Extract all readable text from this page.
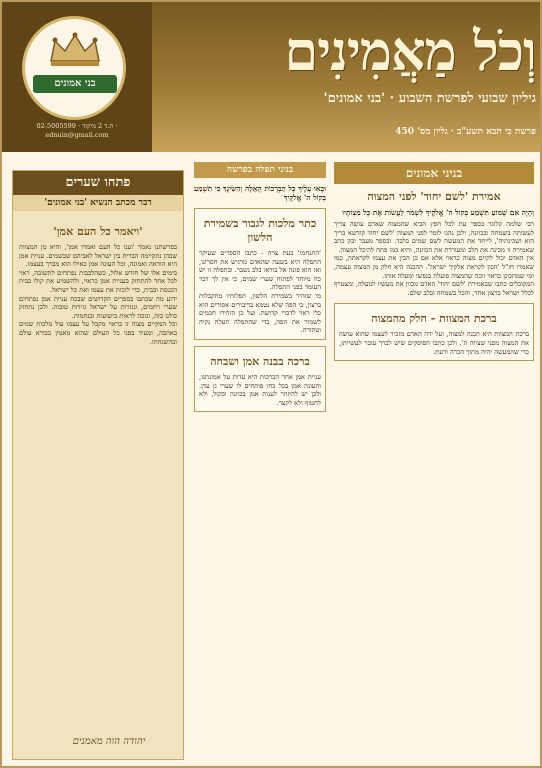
בני אמונים
ת.ד 2 מיקוד · 02-5005599 · ednuin@gmail.com
וְכֹל מַאֲמִינִים
גיליון שבועי לפרשת השבוע · 'בני אמונים'
פרשת כי תבא תשע"ב · גליון מס' 450
בניני אמונים
אמירת 'לשם יחוד' לפני המצוה
וְהָיָה אִם שָׁמוֹעַ תִּשְׁמַע בְּקוֹל ה' אֱלֹקֶיךָ לִשְׁמֹר לַעֲשׂוֹת אֶת כָּל מִצְוֹתָיו

רבי שלמה קלוגר בספר עת לכל חפץ הביא שהמצוה שאדם עושה צריך לעשותה בשמחה ובכוונה, ולכן נהגו לומר לפני המצוה 'לשם יחוד קודשא בריך הוא ושכינתיה', לייחד את המעשה לשם שמים בלבד. ובספר מעבר יבק כתב שאמירה זו מכינה את הלב ומעוררת את הכוונה, והיא כמו פתח להיכל המצוה.

אין האדם יכול לקיים מצוה כראוי אלא אם כן הכין את עצמו לקראתה, כמו שאמרו חז"ל 'הכון לקראת אלקיך ישראל'. ההכנה היא חלק מן המצוה עצמה, ומי שמתכונן כראוי זוכה שהמצוה פועלת בנפשו ומעלה אותו.

המקובלים כתבו שבאמירת 'לשם יחוד' האדם מכוון את מעשיו למעלה, ומצטרף לכלל ישראל ברצון אחד, והכל בשמחה ובלב שלם.

ברכת המצוות - חלק מהמצוה

ברכת המצוות היא הכנה למצוה, ועל ידה האדם מזכיר לעצמו שהוא עושה את המצוה מפני שציוה ה'. ולכן כתבו הפוסקים שיש לברך עובר לעשייתן, כדי שהמעשה יהיה מתוך הכרה ודעת.

בניני תפלה בפרשה
וּבָאוּ עָלֶיךָ כָּל הַבְּרָכוֹת הָאֵלֶּה וְהִשִּׂיגֻךָ כִּי תִשְׁמַע בְּקוֹל ה' אֱלֹקֶיךָ
כתר מלכות לגבור בשמירת הלשון

'התנחמו' בעת צרה - כתבו הספרים שעיקר התפלה היא בשעה שהאדם מרגיש את חסרונו, ואז הוא פונה אל בוראו בלב נשבר. ובתפלה זו יש כח מיוחד לפתוח שערי שמים, כי אין לך דבר העומד בפני התפלה.

מי שזהיר בשמירת הלשון, תפלותיו מתקבלות ברצון, כי הפה שלא נטמא בדיבורים אסורים הוא כלי ראוי לדברי קדושה. ועל כן הזהירו חכמים לשמור את הפה, כדי שהתפלה תעלה נקיה וטהורה.

ברכה בבנה אמן ושבחה

עניית אמן אחר הברכות היא עדות על אמונתנו, והעונה אמן בכל כחו פותחים לו שערי גן עדן. ולכן יש להיזהר לענות אמן בכוונה ובקול, ולא לחטוף ולא לקצר.

פתחו שערים
דבר מכתב הנשיא 'בני אמונים'
'ויאמר כל העם אמן'

בפרשתנו נאמר 'וענו כל העם ואמרו אמן', והיא מן המצוות שבהן נתקיימה הברית בין ישראל לאביהם שבשמים. עניית אמן היא הודאה ואמונה, וכל העונה אמן כאילו הוא מברך בעצמו.

בימים אלו של חודש אלול, כשהלבבות נפתחים לתשובה, ראוי לכל אחד להתחזק בעניית אמן כראוי, ולהשמיע את קולו בבית הכנסת ובבית, כדי לזכות את עצמו ואת כל ישראל.

ידוע מה שכתבו בספרים הקדושים שבכח עניית אמן נפתחים שערי רחמים, ונגזרות על ישראל גזירות טובות. ולכן נתחזק כולנו בזה, ונזכה לראות בישועות ובנחמות.

וכל המקיים מצוה זו כראוי מקבל על עצמו עול מלכות שמים באהבה, ומעיד בפני כל העולם שהוא מאמין בבורא עולם ובהשגחתו.

יהודה הוה מאמנים
